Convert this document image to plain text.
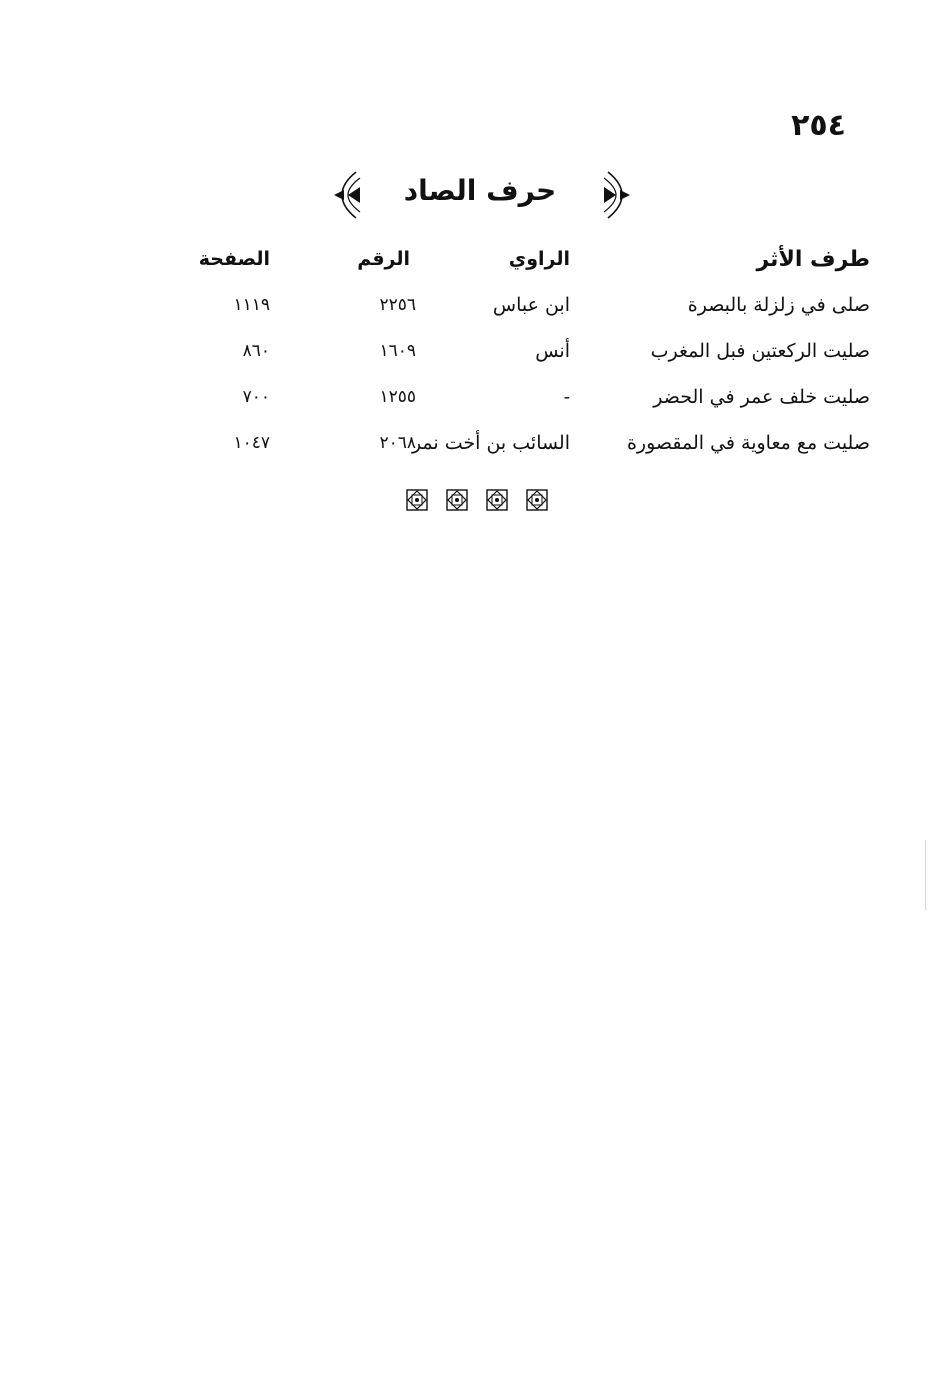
٢٥٤
حرف الصاد
طرف الأثر	الراوي	الرقم	الصفحة
صلى في زلزلة بالبصرة	ابن عباس	٢٢٥٦	١١١٩
صليت الركعتين فبل المغرب	أنس	١٦٠٩	٨٦٠
صليت خلف عمر في الحضر	-	١٢٥٥	٧٠٠
صليت مع معاوية في المقصورة	السائب بن أخت نمر	٢٠٦٨	١٠٤٧
